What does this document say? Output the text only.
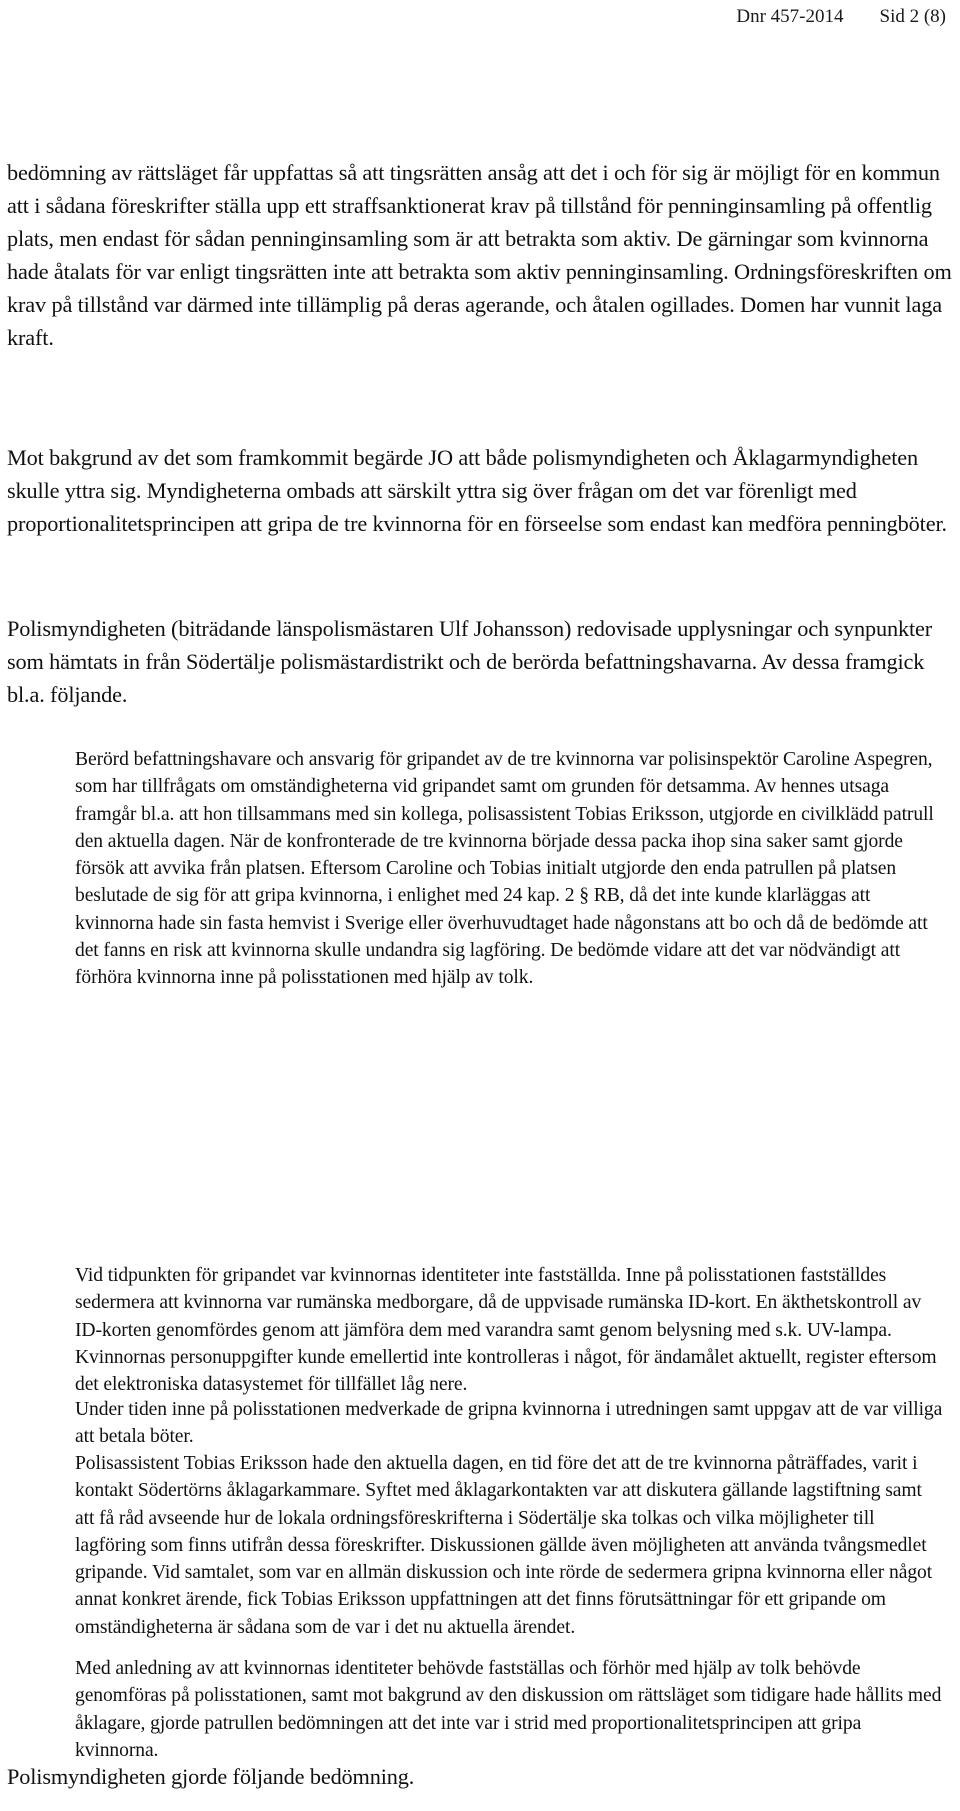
Dnr 457-2014 Sid 2 (8)

bedömning av rättsläget får uppfattas så att tingsrätten ansåg att det i och för sig är möjligt för en kommun att i sådana föreskrifter ställa upp ett straffsanktionerat krav på tillstånd för penninginsamling på offentlig plats, men endast för sådan penninginsamling som är att betrakta som aktiv. De gärningar som kvinnorna hade åtalats för var enligt tingsrätten inte att betrakta som aktiv penninginsamling. Ordningsföreskriften om krav på tillstånd var därmed inte tillämplig på deras agerande, och åtalen ogillades. Domen har vunnit laga kraft.

Mot bakgrund av det som framkommit begärde JO att både polismyndigheten och Åklagarmyndigheten skulle yttra sig. Myndigheterna ombads att särskilt yttra sig över frågan om det var förenligt med proportionalitetsprincipen att gripa de tre kvinnorna för en förseelse som endast kan medföra penningböter.

Polismyndigheten (biträdande länspolismästaren Ulf Johansson) redovisade upplysningar och synpunkter som hämtats in från Södertälje polismästardistrikt och de berörda befattningshavarna. Av dessa framgick bl.a. följande.

Berörd befattningshavare och ansvarig för gripandet av de tre kvinnorna var polisinspektör Caroline Aspegren, som har tillfrågats om omständigheterna vid gripandet samt om grunden för detsamma. Av hennes utsaga framgår bl.a. att hon tillsammans med sin kollega, polisassistent Tobias Eriksson, utgjorde en civilklädd patrull den aktuella dagen. När de konfronterade de tre kvinnorna började dessa packa ihop sina saker samt gjorde försök att avvika från platsen. Eftersom Caroline och Tobias initialt utgjorde den enda patrullen på platsen beslutade de sig för att gripa kvinnorna, i enlighet med 24 kap. 2 § RB, då det inte kunde klarläggas att kvinnorna hade sin fasta hemvist i Sverige eller överhuvudtaget hade någonstans att bo och då de bedömde att det fanns en risk att kvinnorna skulle undandra sig lagföring. De bedömde vidare att det var nödvändigt att förhöra kvinnorna inne på polisstationen med hjälp av tolk.

Vid tidpunkten för gripandet var kvinnornas identiteter inte fastställda. Inne på polisstationen fastställdes sedermera att kvinnorna var rumänska medborgare, då de uppvisade rumänska ID-kort. En äkthetskontroll av ID-korten genomfördes genom att jämföra dem med varandra samt genom belysning med s.k. UV-lampa. Kvinnornas personuppgifter kunde emellertid inte kontrolleras i något, för ändamålet aktuellt, register eftersom det elektroniska datasystemet för tillfället låg nere.

Under tiden inne på polisstationen medverkade de gripna kvinnorna i utredningen samt uppgav att de var villiga att betala böter.

Polisassistent Tobias Eriksson hade den aktuella dagen, en tid före det att de tre kvinnorna påträffades, varit i kontakt Södertörns åklagarkammare. Syftet med åklagarkontakten var att diskutera gällande lagstiftning samt att få råd avseende hur de lokala ordningsföreskrifterna i Södertälje ska tolkas och vilka möjligheter till lagföring som finns utifrån dessa föreskrifter. Diskussionen gällde även möjligheten att använda tvångsmedlet gripande. Vid samtalet, som var en allmän diskussion och inte rörde de sedermera gripna kvinnorna eller något annat konkret ärende, fick Tobias Eriksson uppfattningen att det finns förutsättningar för ett gripande om omständigheterna är sådana som de var i det nu aktuella ärendet.

Med anledning av att kvinnornas identiteter behövde fastställas och förhör med hjälp av tolk behövde genomföras på polisstationen, samt mot bakgrund av den diskussion om rättsläget som tidigare hade hållits med åklagare, gjorde patrullen bedömningen att det inte var i strid med proportionalitetsprincipen att gripa kvinnorna.

Polismyndigheten gjorde följande bedömning.
